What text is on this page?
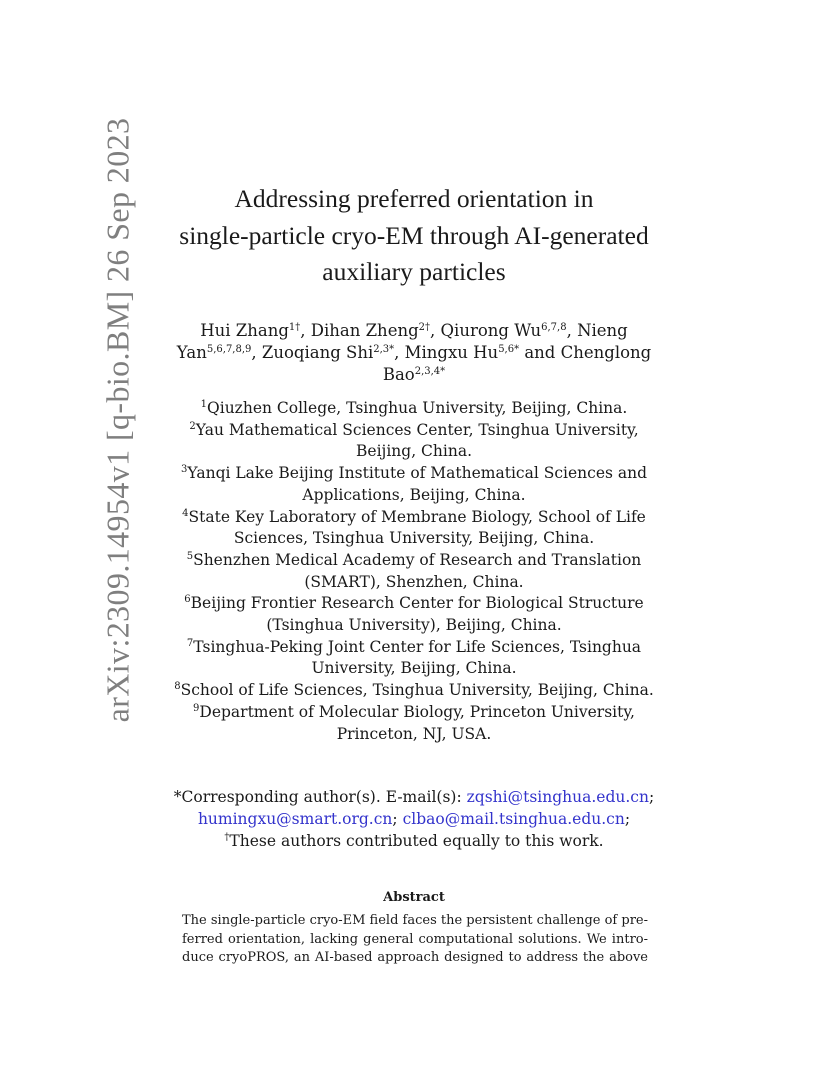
arXiv:2309.14954v1 [q-bio.BM] 26 Sep 2023	Addressing preferred orientation in
single-particle cryo-EM through AI-generated
auxiliary particles
Hui Zhang$^{1\dagger}$, Dihan Zheng$^{2\dagger}$, Qiurong Wu$^{6,7,8}$, Nieng
Yan$^{5,6,7,8,9}$, Zuoqiang Shi$^{2,3*}$, Mingxu $Hu^{5,6*}$ and Chenglong
Bao$^{2,3,4*}$
$^1$Qiuzhen College, Tsinghua University, Beijing, China.
$^2$Yau Mathematical Sciences Center, Tsinghua University,
Beijing, China.
$^3$Yanqi Lake Beijing Institute of Mathematical Sciences and
Applications, Beijing, China.
$^4$State Key Laboratory of Membrane Biology, School of Life
Sciences, Tsinghua University, Beijing, China.
$^5$Shenzhen Medical Academy of Research and Translation
(SMART), Shenzhen, China.
$^6$Beijing Frontier Research Center for Biological Structure
(Tsinghua University), Beijing, China.
$^7$Tsinghua-Peking Joint Center for Life Sciences, Tsinghua
University, Beijing, China.
$^8$School of Life Sciences, Tsinghua University, Beijing, China.
$^9$Department of Molecular Biology, Princeton University,
Princeton, NJ, USA.
*Corresponding author(s). E-mail(s): zqshi@tsinghua.edu.cn;
humingxu@smart.org.cn; clbao@mail.tsinghua.edu.cn;
†These authors contributed equally to this work.
Abstract
The single-particle cryo-EM field faces the persistent challenge of pre-
ferred orientation, lacking general computational solutions. We intro-
duce cryoPROS, an AI-based approach designed to address the above
